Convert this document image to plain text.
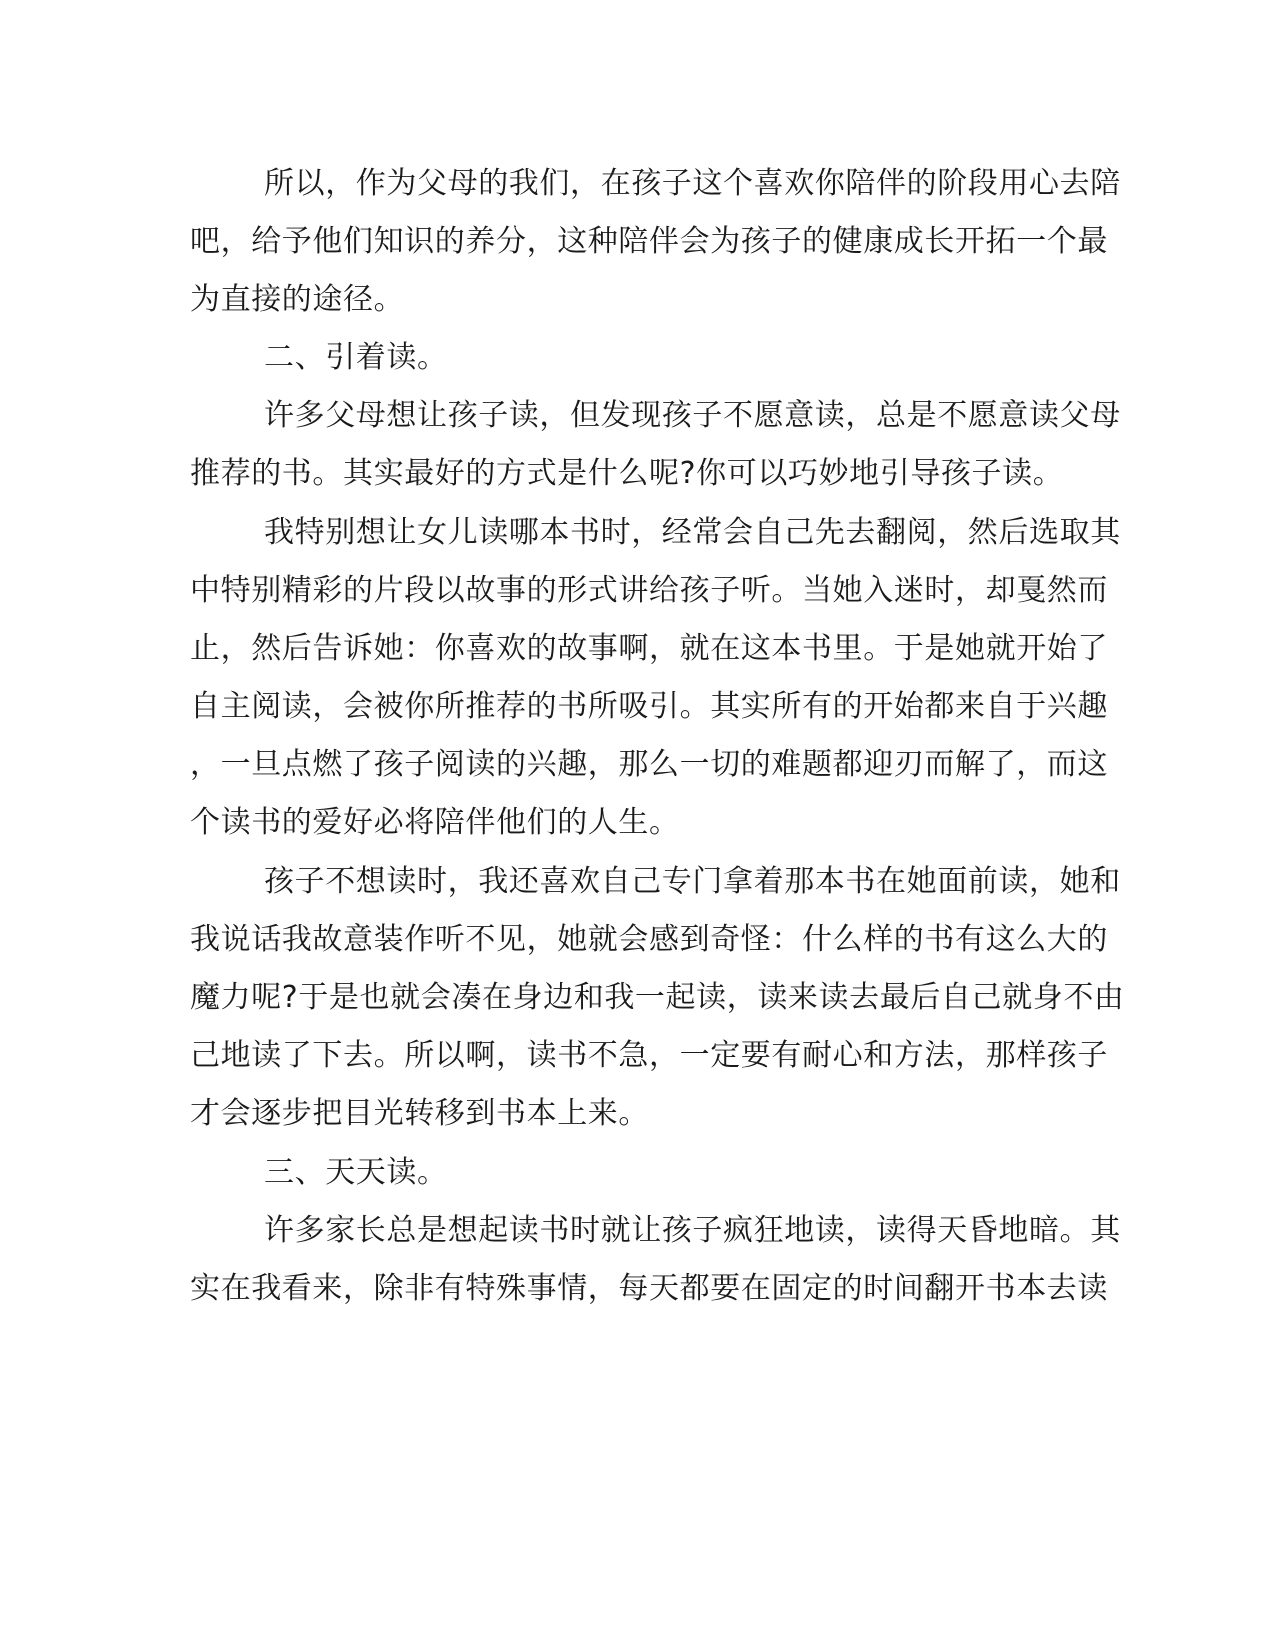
所以，作为父母的我们，在孩子这个喜欢你陪伴的阶段用心去陪
吧，给予他们知识的养分，这种陪伴会为孩子的健康成长开拓一个最
为直接的途径。
二、引着读。
许多父母想让孩子读，但发现孩子不愿意读，总是不愿意读父母
推荐的书。其实最好的方式是什么呢?你可以巧妙地引导孩子读。
我特别想让女儿读哪本书时，经常会自己先去翻阅，然后选取其
中特别精彩的片段以故事的形式讲给孩子听。当她入迷时，却戛然而
止，然后告诉她：你喜欢的故事啊，就在这本书里。于是她就开始了
自主阅读，会被你所推荐的书所吸引。其实所有的开始都来自于兴趣
，一旦点燃了孩子阅读的兴趣，那么一切的难题都迎刃而解了，而这
个读书的爱好必将陪伴他们的人生。
孩子不想读时，我还喜欢自己专门拿着那本书在她面前读，她和
我说话我故意装作听不见，她就会感到奇怪：什么样的书有这么大的
魔力呢?于是也就会凑在身边和我一起读，读来读去最后自己就身不由
己地读了下去。所以啊，读书不急，一定要有耐心和方法，那样孩子
才会逐步把目光转移到书本上来。
三、天天读。
许多家长总是想起读书时就让孩子疯狂地读，读得天昏地暗。其
实在我看来，除非有特殊事情，每天都要在固定的时间翻开书本去读
